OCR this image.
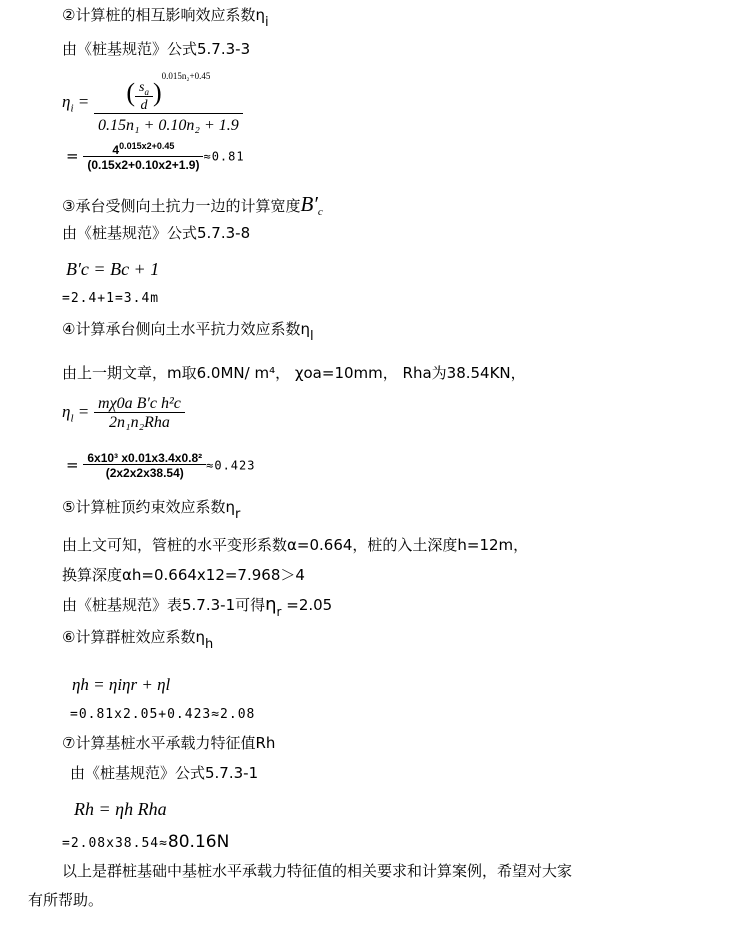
②计算桩的相互影响效应系数$\eta_i$
由《桩基规范》公式5.7.3-3
$\eta_i = \frac{( \frac{s_a}{d} )^{0.015n_2+0.45}}{\text{0.15n₁ + 0.10n₂ + 1.9}}$
= $\frac{4^{0.015x2+0.45}}{(0.15x2+0.10x2+1.9)} \approx 0.81$
③承台受侧向土抗力一边的计算宽度$B'_c$
由《桩基规范》公式5.7.3-8
B′c = Bc + 1
=2.4+1=3.4m
④计算承台侧向土水平抗力效应系数$\eta_l$
由上一期文章，m取6.0MN/ m⁴， χoa=10mm， Rha为38.54KN，
$\eta_l = \frac{\text{mχ0a B′c h²c}}{\text{2n₁n₂Rha}}$
= $\frac{\text{6x10³ x0.01x3.4x0.8²}}{(2x2x2x38.54)} \approx 0.423$
⑤计算桩顶约束效应系数$\eta_r$
由上文可知，管桩的水平变形系数α=0.664，桩的入土深度h=12m，
换算深度αh=0.664x12=7.968＞4
由《桩基规范》表5.7.3-1可得$\eta_r =2.05$
⑥计算群桩效应系数$\eta_h$
ηh = ηiηr + ηl
=0.81x2.05+0.423≈2.08
⑦计算基桩水平承载力特征值Rh
由《桩基规范》公式5.7.3-1
Rh = ηh Rha
=2.08x38.54≈80.16N
以上是群桩基础中基桩水平承载力特征值的相关要求和计算案例，希望对大家
有所帮助。
